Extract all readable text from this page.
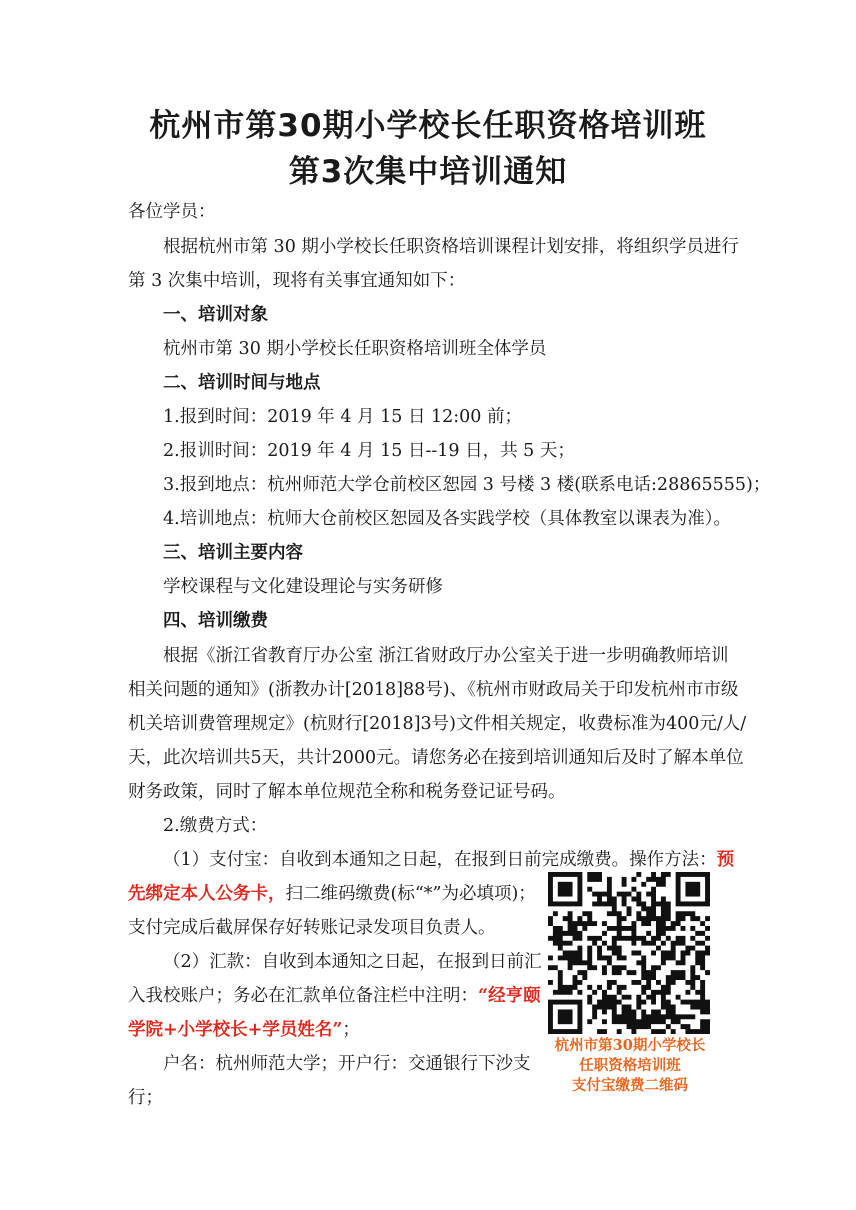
杭州市第30期小学校长任职资格培训班
第3次集中培训通知
各位学员：
根据杭州市第 30 期小学校长任职资格培训课程计划安排，将组织学员进行
第 3 次集中培训，现将有关事宜通知如下：
一、培训对象
杭州市第 30 期小学校长任职资格培训班全体学员
二、培训时间与地点
1.报到时间：2019 年 4 月 15 日 12:00 前；
2.报训时间：2019 年 4 月 15 日--19 日，共 5 天；
3.报到地点：杭州师范大学仓前校区恕园 3 号楼 3 楼(联系电话:28865555)；
4.培训地点：杭师大仓前校区恕园及各实践学校（具体教室以课表为准）。
三、培训主要内容
学校课程与文化建设理论与实务研修
四、培训缴费
根据《浙江省教育厅办公室 浙江省财政厅办公室关于进一步明确教师培训
相关问题的通知》(浙教办计[2018]88号)、《杭州市财政局关于印发杭州市市级
机关培训费管理规定》(杭财行[2018]3号)文件相关规定，收费标准为400元/人/
天，此次培训共5天，共计2000元。请您务必在接到培训通知后及时了解本单位
财务政策，同时了解本单位规范全称和税务登记证号码。
2.缴费方式：
（1）支付宝：自收到本通知之日起，在报到日前完成缴费。操作方法：预
先绑定本人公务卡，扫二维码缴费(标“*”为必填项)；
支付完成后截屏保存好转账记录发项目负责人。
（2）汇款：自收到本通知之日起，在报到日前汇
入我校账户；务必在汇款单位备注栏中注明：“经亨颐
学院+小学校长+学员姓名”；
户名：杭州师范大学；开户行：交通银行下沙支
行；
杭州市第30期小学校长
任职资格培训班
支付宝缴费二维码
